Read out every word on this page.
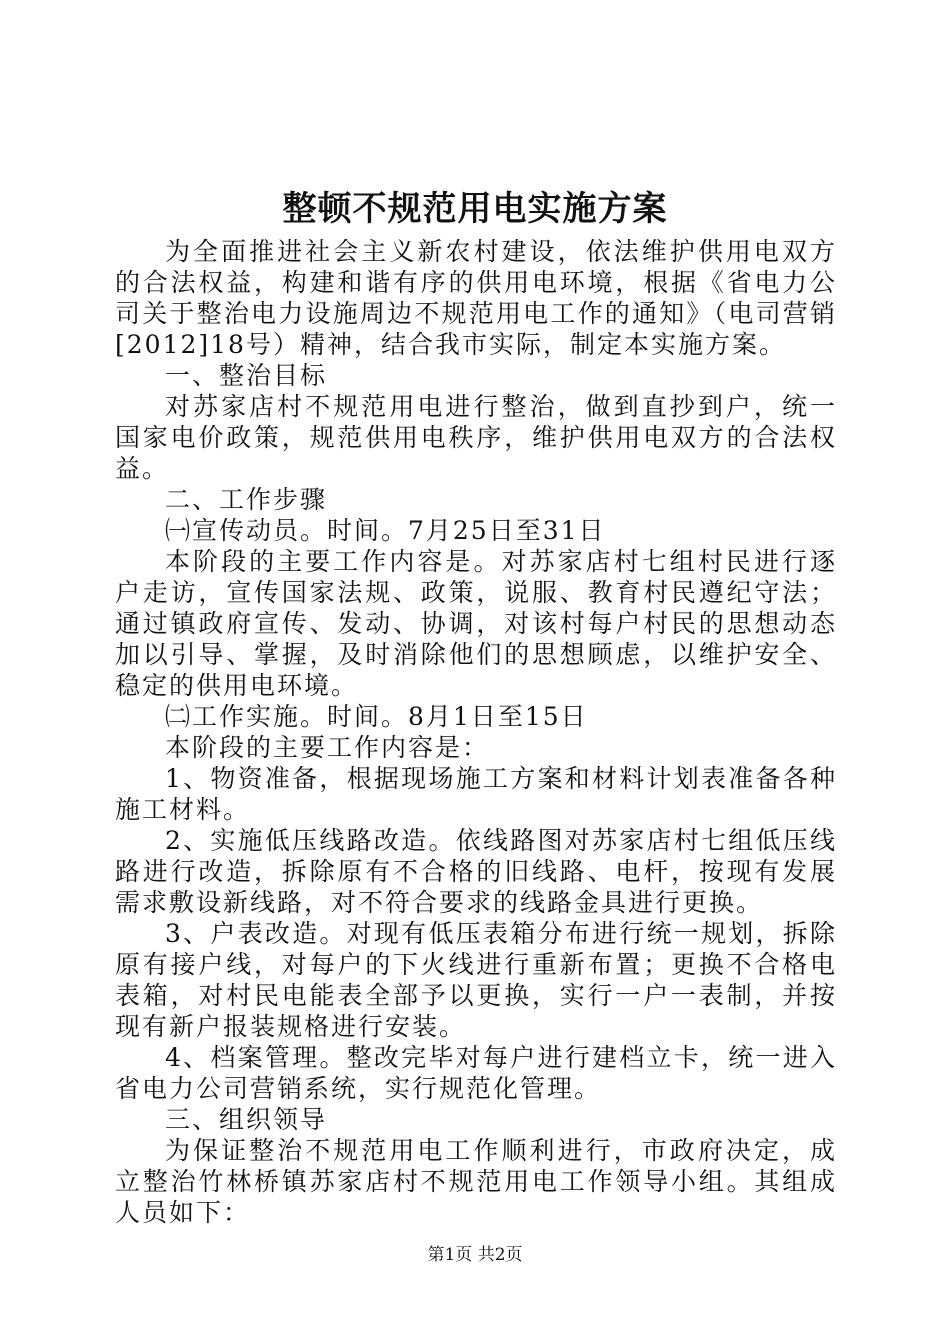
整顿不规范用电实施方案

为全面推进社会主义新农村建设，依法维护供用电双方的合法权益，构建和谐有序的供用电环境，根据《省电力公司关于整治电力设施周边不规范用电工作的通知》（电司营销[2012]18号）精神，结合我市实际，制定本实施方案。

一、整治目标

对苏家店村不规范用电进行整治，做到直抄到户，统一国家电价政策，规范供用电秩序，维护供用电双方的合法权益。

二、工作步骤

㈠宣传动员。时间。7月25日至31日

本阶段的主要工作内容是。对苏家店村七组村民进行逐户走访，宣传国家法规、政策，说服、教育村民遵纪守法；通过镇政府宣传、发动、协调，对该村每户村民的思想动态加以引导、掌握，及时消除他们的思想顾虑，以维护安全、稳定的供用电环境。

㈡工作实施。时间。8月1日至15日

本阶段的主要工作内容是：

1、物资准备，根据现场施工方案和材料计划表准备各种施工材料。

2、实施低压线路改造。依线路图对苏家店村七组低压线路进行改造，拆除原有不合格的旧线路、电杆，按现有发展需求敷设新线路，对不符合要求的线路金具进行更换。

3、户表改造。对现有低压表箱分布进行统一规划，拆除原有接户线，对每户的下火线进行重新布置；更换不合格电表箱，对村民电能表全部予以更换，实行一户一表制，并按现有新户报装规格进行安装。

4、档案管理。整改完毕对每户进行建档立卡，统一进入省电力公司营销系统，实行规范化管理。

三、组织领导

为保证整治不规范用电工作顺利进行，市政府决定，成立整治竹林桥镇苏家店村不规范用电工作领导小组。其组成人员如下：

第1页 共2页
